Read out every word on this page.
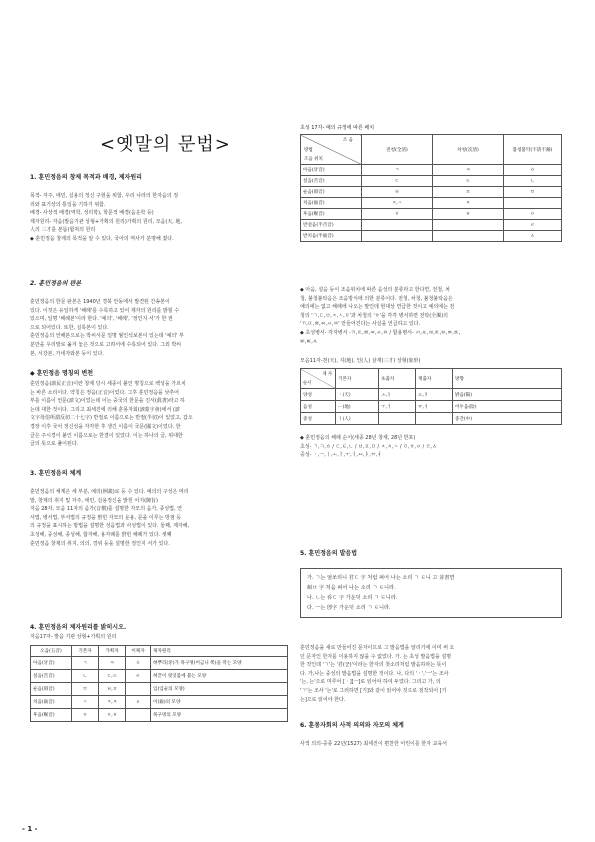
<옛말의 문법>
1. 훈민정음의 창제 목적과 배경, 제자원리
목적- 자주, 애민, 실용의 정신 구현을 위함, 우리 나라의 한자음의 정
리와 표기상의 통일을 기하기 위함.
배경- 사상적 배경(역학, 성리학), 학문적 배경(음운학 등)
제자원리- 자음(발음기관 상형+가획의 원리)가획의 원리, 모음(天, 地,
人의 三才를 본뜸)합쳐의 원리
◆ 훈민정음 창제의 목적을 알 수 있다, 국어의 역사가 분명해 졌다.
2. 훈민정음의 판본
훈민정음의 한문 판본은 1940년 경북 안동에서 발견된 간송본이
있다. 이것은 유일하게 '해례'를 수록하고 있어 제자의 원리를 밝힐 수
있으며, 일명 '해례본'이라 한다. '예의', '해례', '정인지 서'가 한 권
으로 되어있다. 또한, 실록본이 있다.
훈민정음의 언해본으로는 박씨서문 일명 월인석보본이 있는데 '예의' 부
분만을 우리말로 옮겨 놓은 것으로 고려서에 수록되어 있다. 그외 박씨
본, 서강본, 가네자와본 등이 있다.
◆ 훈민정음 명칭의 변천
훈민정음(訓民正音)이란 창제 당시 세종이 붙인 명칭으로 백성을 가르치
는 바른 소리이다. 약칭은 정음(正音)이었다. 그후 훈민정음을 낮추어
부를 이름이 언문(諺文)이었는데 이는 중국의 한문을 진서(眞書)라고 하
는데 대한 것이다. 그리고 최세진에 의해 훈몽자회(訓蒙字會)에서 (諺
文字母俗所謂反切二十七字) 반절로 이름으로는 반절(半切)이 있었고, 갑오
경장 이후 국어 정신성을 자각한 후 생긴 이름이 국문(國文)이었다. 한
글은 주시경이 붙인 이름으로는 한결이 있었다. 이는 하나의 글, 위대한
글의 뜻으로 풀이된다.
3. 훈민정음의 체계
훈민정음의 체계은 세 부분, 예의(例義)로 등 수 있다. 예의의 구성은 머리
말, 창제의 취지 및 자주, 애민, 실용정신을 밝힌 어지(御旨)
자음 28자, 모음 11자의 음가(音價)를 설명한 자모의 음가, 종성법, 연
서법, 병서법, 부서법의 규정을 밝힌 자모의 운용, 문을 이루는 방점 등
의 규정을 표시하는 방법을 설명한 성음법과 사성법이 있다. 둘째, 제자해,
초성해, 중성해, 종성해, 합자해, 용자례를 밝힌 해례가 있다. 셋째
훈민정음 창제의 취지, 의의, 경위 등을 설명한 정인지 서가 있다.
4. 훈민정음의 제자원리를 밝히시오.
자음17자- 발음 기관 상형+가획의 원리
오음(五音)	기본자	가획자	이체자	제자원리
아음(牙音)	ㄱ	ㅋ	ㆁ	혀뿌리(牙)가 목구멍(어금니 쪽)을 막는 모양
설음(舌音)	ㄴ	ㄷ,ㅌ	ㄹ	혀끝이 윗잇몸에 붙는 모양
순음(脣音)	ㅁ	ㅂ,ㅍ		입(입술의 모양)
치음(齒音)	ㅅ	ㅈ,ㅊ	ㅿ	이(齒)의 모양
후음(喉音)	ㅇ	ㆆ,ㅎ		목구멍의 모양
- 1 -
초성 17자- 예의 규정에 따른 배치
조 음
방법
조음 위치	전청(全淸)	차청(次淸)	불청불탁(不淸不濁)
아음(牙音)	ㄱ	ㅋ	ㆁ
설음(舌音)	ㄷ	ㅌ	ㄴ
순음(脣音)	ㅂ	ㅍ	ㅁ
치음(齒音)	ㅈ,ㅅ	ㅊ	
후음(喉音)	ㆆ	ㅎ	ㅇ
반설음(半舌音)			ㄹ
반치음(半齒音)			ㅿ
◆ 아음, 설음 등이 조음위치에 따른 음성의 분류라고 한다면, 전청, 차
청, 불청불탁음은 조음방식에 의한 분류이다. 전청, 차청, 불청불탁음은
예의에는 없고 해례에 나오는 말인데 현대상 연급한 것이고 예의에는 전
청의 'ㄱ,ㄷ,ㅂ,ㅈ,ㅅ,ㆆ'과 차청의 'ㅎ'을 각각 병서하면 전탁(全濁)의
'ㄲ,ㄸ,ㅃ,ㅉ,ㅆ,ㆅ' 만들어진다는 사실을 언급하고 있다.
◆ 초성병서- 각자병서 -ㄲ,ㄸ,ㅃ,ㅉ,ㅆ,ㆅ / 합용병서- ㅺ,ㅼ,ㅽ,ㅳ,ㅄ,ㅶ,ㅷ,
ㅴ,ㅵ,ㅻ
모음11자-천(天), 지(地), 인(人) 삼재(三才) 상형(象形)
제 자
순서	기본자	초출자	재출자	방향
양성	ㆍ(天)	ㅗ,ㅏ	ㅛ,ㅑ	밝음(陽)
음성	ㅡ(地)	ㅜ,ㅓ	ㅠ,ㅕ	어두움(陰)
중성	ㅣ(人)			중간(中)
◆ 훈민정음의 해례 순서(세종 28년 창제, 28년 반포)
초성- ㄱ,ㅋ,ㆁ / ㄷ,ㅌ,ㄴ / ㅂ,ㅍ,ㅁ / ㅈ,ㅊ,ㅅ / ㆆ,ㅎ,ㅇ / ㄹ,ㅿ
중성- ㆍ,ㅡ,ㅣ,ㅗ,ㅏ,ㅜ,ㅓ,ㅛ,ㅑ,ㅠ,ㅕ
5. 훈민정음의 발음법
가. ㄱ는 엄쏘리니 君ㄷ 字 처럼 펴어 나는 소리 ㄱ ㅌ니 고 並書면
虯ㅂ 字 처음 펴어 나는 소리 ㄱ ㅌ니라.
나. ㄴ는 呑ㄷ 字 가운딧 소리 ㄱ ㅌ니라.
다. ㅡ는 卽字 가운딧 소리 ㄱ ㅌ니라.
훈민정음을 새로 만들어진 문자이므로 그 발음법을 알리기에 이미 써 오
던 문자인 한자를 이용하지 않을 수 없었다. 가. 는 초성 발음법을 설명
한 것인데 'ㄱ'는 '君(군)'이라는 한자의 첫소리처럼 발음하라는 뜻이
다. 가,나는 중성의 발음법을 설명한 것이다. 나, 다의 'ㆍ','ㅡ'는 조사
'는, 는'으로 미루어 [ㆍ][ㅡ]로 읽어야 하여 두었다. 그리고 가, 의
'ㄱ'는 조사 '는'로 그러하면 [기]와 같이 읽어야 것으로 짐작되어 [기
는]으로 읽어야 한다.
6. 훈몽자회의 사적 의의와 자모의 체계
사적 의의-중종 22년(1527) 최세진이 편찬한 어린이를 한자 교육서
